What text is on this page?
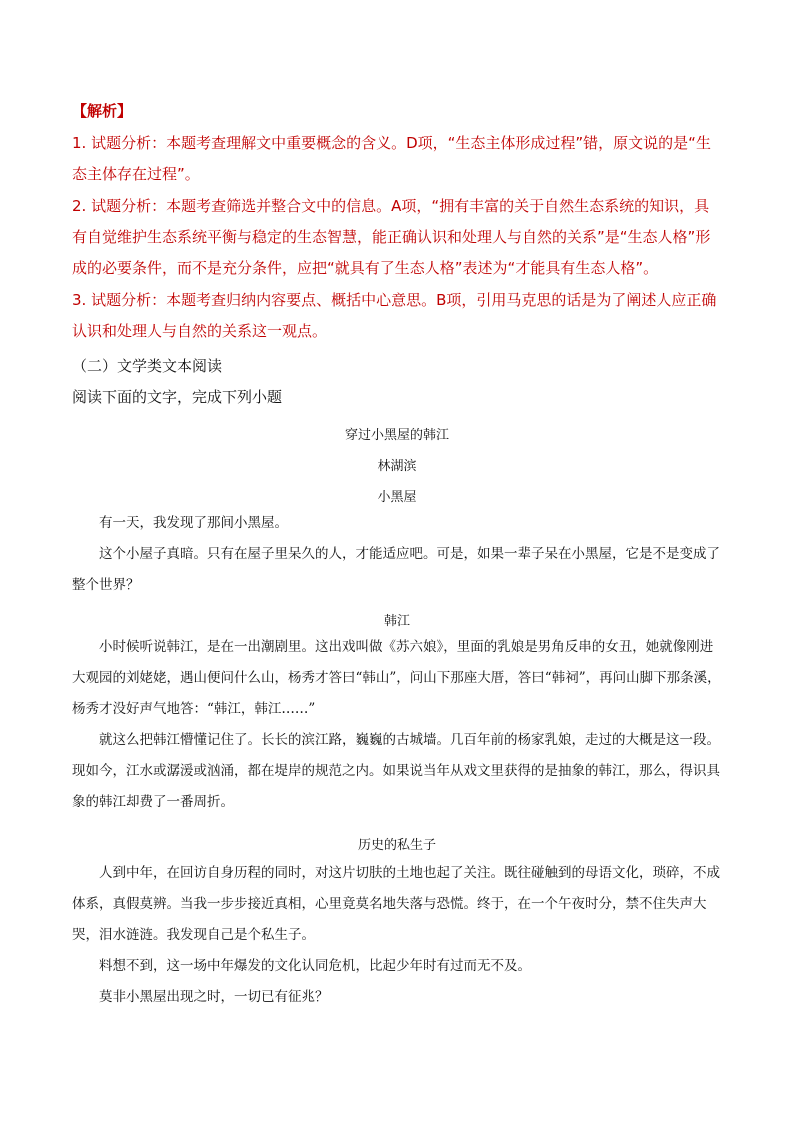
【解析】

1. 试题分析：本题考查理解文中重要概念的含义。D项，“生态主体形成过程”错，原文说的是“生态主体存在过程”。

2. 试题分析：本题考查筛选并整合文中的信息。A项，“拥有丰富的关于自然生态系统的知识，具有自觉维护生态系统平衡与稳定的生态智慧，能正确认识和处理人与自然的关系”是“生态人格”形成的必要条件，而不是充分条件，应把“就具有了生态人格”表述为“才能具有生态人格”。

3. 试题分析：本题考查归纳内容要点、概括中心意思。B项，引用马克思的话是为了阐述人应正确认识和处理人与自然的关系这一观点。

（二）文学类文本阅读
阅读下面的文字，完成下列小题
穿过小黑屋的韩江
林湖滨
小黑屋

有一天，我发现了那间小黑屋。

这个小屋子真暗。只有在屋子里呆久的人，才能适应吧。可是，如果一辈子呆在小黑屋，它是不是变成了整个世界？

韩江

小时候听说韩江，是在一出潮剧里。这出戏叫做《苏六娘》，里面的乳娘是男角反串的女丑，她就像刚进大观园的刘姥姥，遇山便问什么山，杨秀才答曰“韩山”，问山下那座大厝，答曰“韩祠”，再问山脚下那条溪，杨秀才没好声气地答：“韩江，韩江……”

就这么把韩江懵懂记住了。长长的滨江路，巍巍的古城墙。几百年前的杨家乳娘，走过的大概是这一段。现如今，江水或潺湲或汹涌，都在堤岸的规范之内。如果说当年从戏文里获得的是抽象的韩江，那么，得识具象的韩江却费了一番周折。

历史的私生子

人到中年，在回访自身历程的同时，对这片切肤的土地也起了关注。既往碰触到的母语文化，琐碎，不成体系，真假莫辨。当我一步步接近真相，心里竟莫名地失落与恐慌。终于，在一个午夜时分，禁不住失声大哭，泪水涟涟。我发现自己是个私生子。

料想不到，这一场中年爆发的文化认同危机，比起少年时有过而无不及。

莫非小黑屋出现之时，一切已有征兆？
